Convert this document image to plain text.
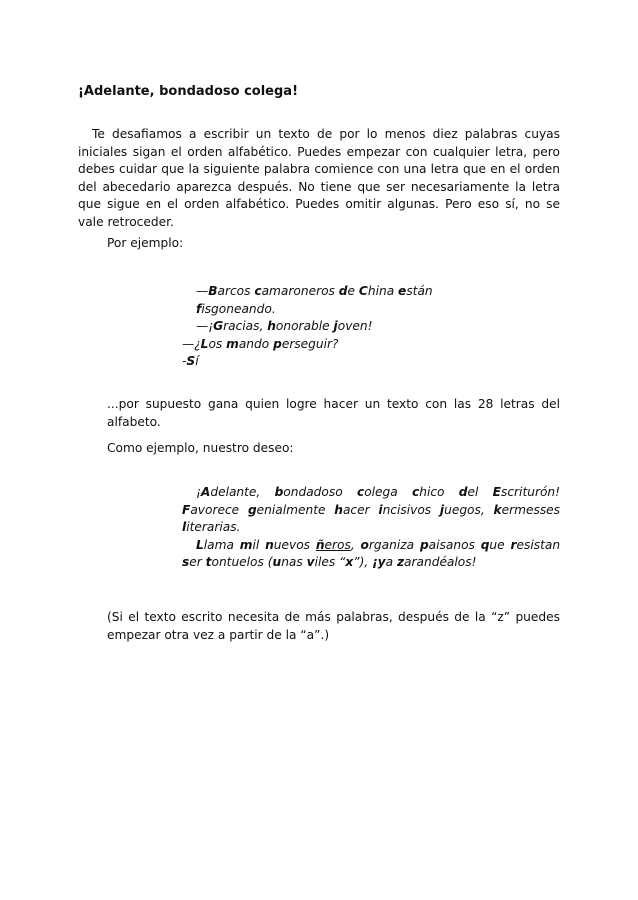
¡Adelante, bondadoso colega!
Te desafiamos a escribir un texto de por lo menos diez palabras cuyas iniciales sigan el orden alfabético. Puedes empezar con cualquier letra, pero debes cuidar que la siguiente palabra comience con una letra que en el orden del abecedario aparezca después. No tiene que ser necesariamente la letra que sigue en el orden alfabético. Puedes omitir algunas. Pero eso sí, no se vale retroceder.
Por ejemplo:
—Barcos camaroneros de China están
fisgoneando.
—¡Gracias, honorable joven!
—¿Los mando perseguir?
-Sí
...por supuesto gana quien logre hacer un texto con las 28 letras del alfabeto.
Como ejemplo, nuestro deseo:
¡Adelante, bondadoso colega chico del Escriturón!
Favorece genialmente hacer incisivos juegos, kermesses
literarias.
Llama mil nuevos ñeros, organiza paisanos que resistan
ser tontuelos (unas viles “x”), ¡ya zarandéalos!
(Si el texto escrito necesita de más palabras, después de la “z” puedes empezar otra vez a partir de la “a”.)
